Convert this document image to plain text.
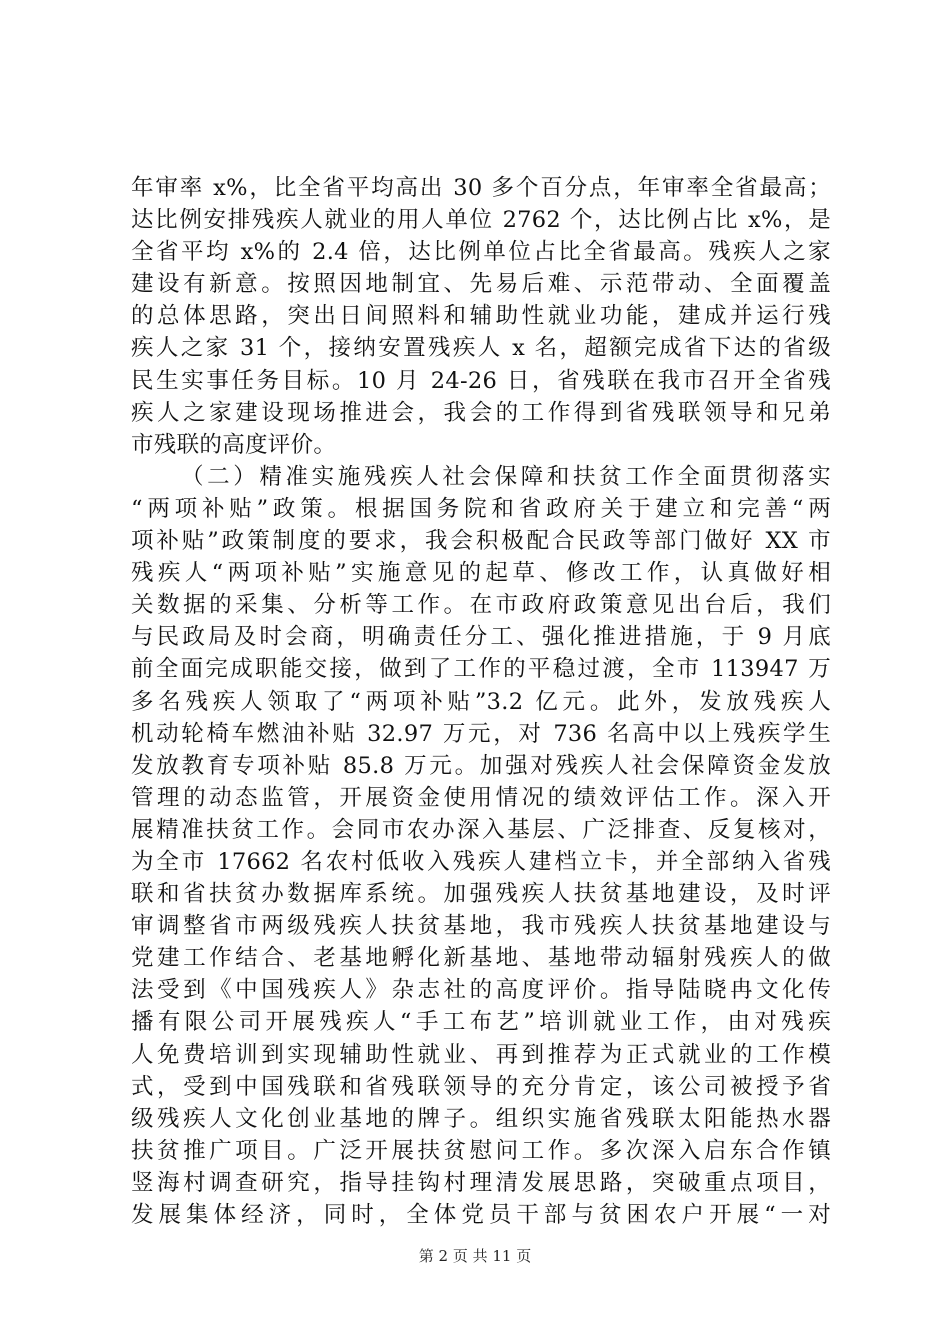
年审率 x%，比全省平均高出 30 多个百分点，年审率全省最高；
达比例安排残疾人就业的用人单位 2762 个，达比例占比 x%，是
全省平均 x%的 2.4 倍，达比例单位占比全省最高。残疾人之家
建设有新意。按照因地制宜、先易后难、示范带动、全面覆盖
的总体思路，突出日间照料和辅助性就业功能，建成并运行残
疾人之家 31 个，接纳安置残疾人 x 名，超额完成省下达的省级
民生实事任务目标。10 月 24-26 日，省残联在我市召开全省残
疾人之家建设现场推进会，我会的工作得到省残联领导和兄弟
市残联的高度评价。
（二）精准实施残疾人社会保障和扶贫工作全面贯彻落实
“两项补贴”政策。根据国务院和省政府关于建立和完善“两
项补贴”政策制度的要求，我会积极配合民政等部门做好 XX 市
残疾人“两项补贴”实施意见的起草、修改工作，认真做好相
关数据的采集、分析等工作。在市政府政策意见出台后，我们
与民政局及时会商，明确责任分工、强化推进措施，于 9 月底
前全面完成职能交接，做到了工作的平稳过渡，全市 113947 万
多名残疾人领取了“两项补贴”3.2 亿元。此外，发放残疾人
机动轮椅车燃油补贴 32.97 万元，对 736 名高中以上残疾学生
发放教育专项补贴 85.8 万元。加强对残疾人社会保障资金发放
管理的动态监管，开展资金使用情况的绩效评估工作。深入开
展精准扶贫工作。会同市农办深入基层、广泛排查、反复核对，
为全市 17662 名农村低收入残疾人建档立卡，并全部纳入省残
联和省扶贫办数据库系统。加强残疾人扶贫基地建设，及时评
审调整省市两级残疾人扶贫基地，我市残疾人扶贫基地建设与
党建工作结合、老基地孵化新基地、基地带动辐射残疾人的做
法受到《中国残疾人》杂志社的高度评价。指导陆晓冉文化传
播有限公司开展残疾人“手工布艺”培训就业工作，由对残疾
人免费培训到实现辅助性就业、再到推荐为正式就业的工作模
式，受到中国残联和省残联领导的充分肯定，该公司被授予省
级残疾人文化创业基地的牌子。组织实施省残联太阳能热水器
扶贫推广项目。广泛开展扶贫慰问工作。多次深入启东合作镇
竖海村调查研究，指导挂钩村理清发展思路，突破重点项目，
发展集体经济，同时，全体党员干部与贫困农户开展“一对
第 2 页 共 11 页
